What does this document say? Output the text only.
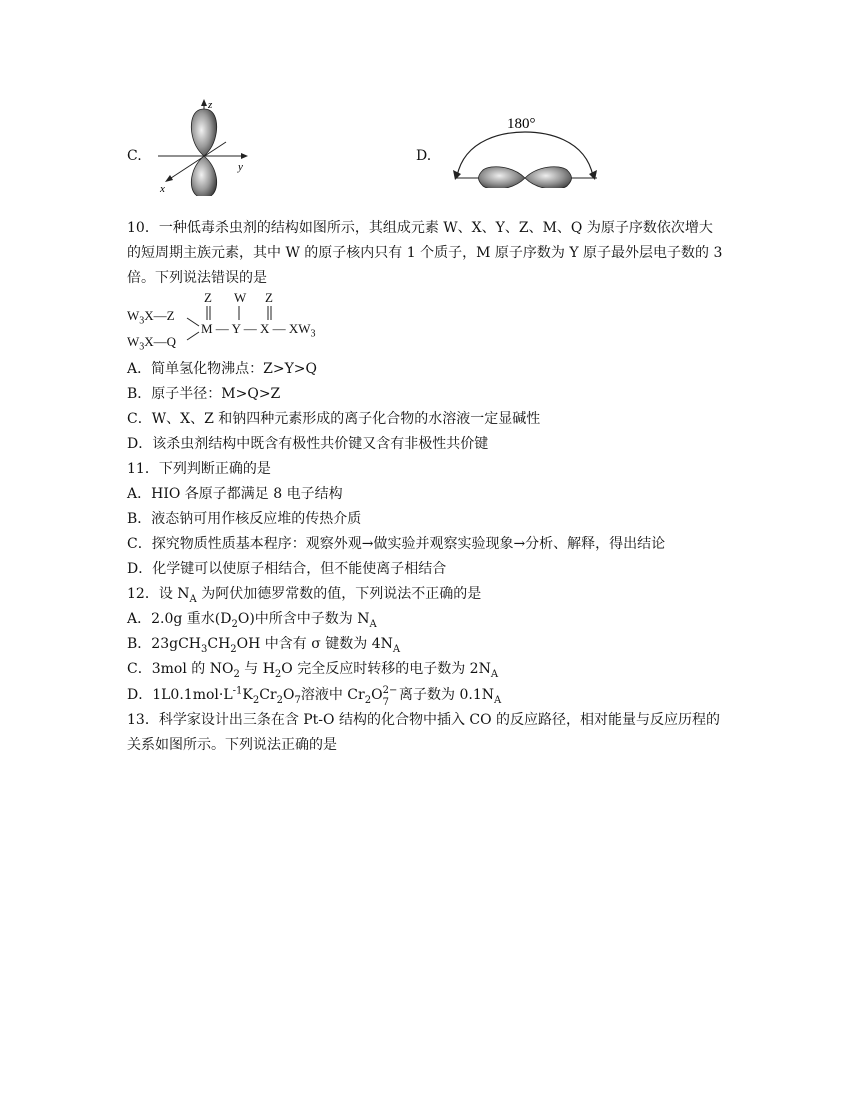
C.
z
y
x
D.
180°
10．一种低毒杀虫剂的结构如图所示，其组成元素 W、X、Y、Z、M、Q 为原子序数依次增大
的短周期主族元素，其中 W 的原子核内只有 1 个质子，M 原子序数为 Y 原子最外层电子数的 3
倍。下列说法错误的是
Z W Z
$W_3X—Z$
M — Y — X — $XW_3$
$W_3X—Q$
A．简单氢化物沸点：Z>Y>Q
B．原子半径：M>Q>Z
C．W、X、Z 和钠四种元素形成的离子化合物的水溶液一定显碱性
D．该杀虫剂结构中既含有极性共价键又含有非极性共价键
11．下列判断正确的是
A．HIO 各原子都满足 8 电子结构
B．液态钠可用作核反应堆的传热介质
C．探究物质性质基本程序：观察外观→做实验并观察实验现象→分析、解释，得出结论
D．化学键可以使原子相结合，但不能使离子相结合
12．设 $N_A$ 为阿伏加德罗常数的值，下列说法不正确的是
A．2.0g 重水$(D_2O)$中所含中子数为 $N_A$
B．$23gCH_3CH_2OH$ 中含有 σ 键数为 $4N_A$
C．3mol 的 $NO_2$ 与 $H_2O$ 完全反应时转移的电子数为 $2N_A$
D．$1L0.1mol\cdot L^{-1}K_2Cr_2O_7$溶液中 $Cr_2O$ 2−
7 离子数为 $0.1N_A$
13．科学家设计出三条在含 Pt-O 结构的化合物中插入 CO 的反应路径，相对能量与反应历程的
关系如图所示。下列说法正确的是
